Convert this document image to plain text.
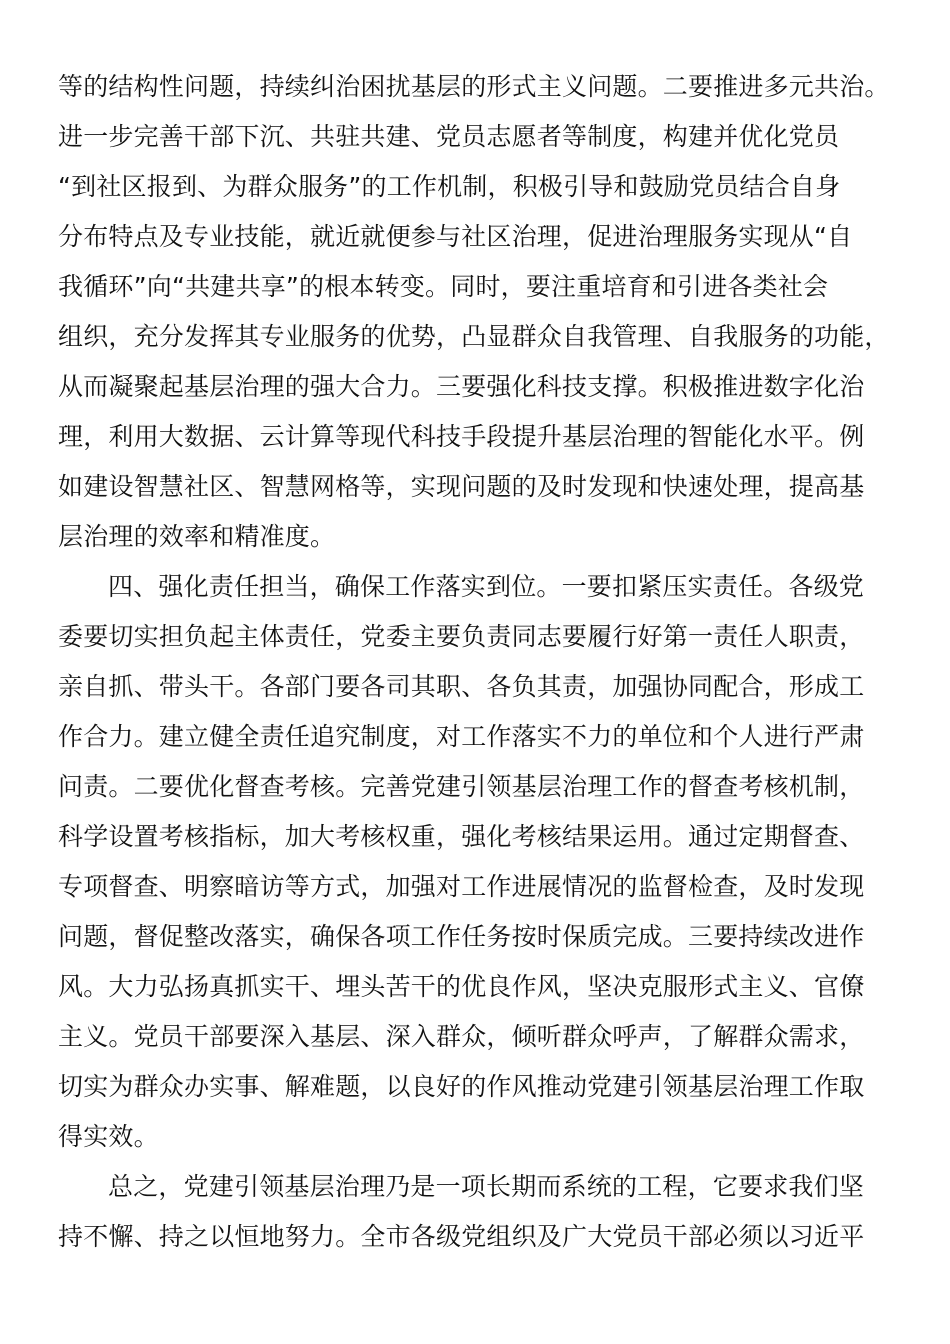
等的结构性问题，持续纠治困扰基层的形式主义问题。二要推进多元共治。
进一步完善干部下沉、共驻共建、党员志愿者等制度，构建并优化党员
“到社区报到、为群众服务”的工作机制，积极引导和鼓励党员结合自身
分布特点及专业技能，就近就便参与社区治理，促进治理服务实现从“自
我循环”向“共建共享”的根本转变。同时，要注重培育和引进各类社会
组织，充分发挥其专业服务的优势，凸显群众自我管理、自我服务的功能，
从而凝聚起基层治理的强大合力。三要强化科技支撑。积极推进数字化治
理，利用大数据、云计算等现代科技手段提升基层治理的智能化水平。例
如建设智慧社区、智慧网格等，实现问题的及时发现和快速处理，提高基
层治理的效率和精准度。
四、强化责任担当，确保工作落实到位。一要扣紧压实责任。各级党
委要切实担负起主体责任，党委主要负责同志要履行好第一责任人职责，
亲自抓、带头干。各部门要各司其职、各负其责，加强协同配合，形成工
作合力。建立健全责任追究制度，对工作落实不力的单位和个人进行严肃
问责。二要优化督查考核。完善党建引领基层治理工作的督查考核机制，
科学设置考核指标，加大考核权重，强化考核结果运用。通过定期督查、
专项督查、明察暗访等方式，加强对工作进展情况的监督检查，及时发现
问题，督促整改落实，确保各项工作任务按时保质完成。三要持续改进作
风。大力弘扬真抓实干、埋头苦干的优良作风，坚决克服形式主义、官僚
主义。党员干部要深入基层、深入群众，倾听群众呼声，了解群众需求，
切实为群众办实事、解难题，以良好的作风推动党建引领基层治理工作取
得实效。
总之，党建引领基层治理乃是一项长期而系统的工程，它要求我们坚
持不懈、持之以恒地努力。全市各级党组织及广大党员干部必须以习近平
